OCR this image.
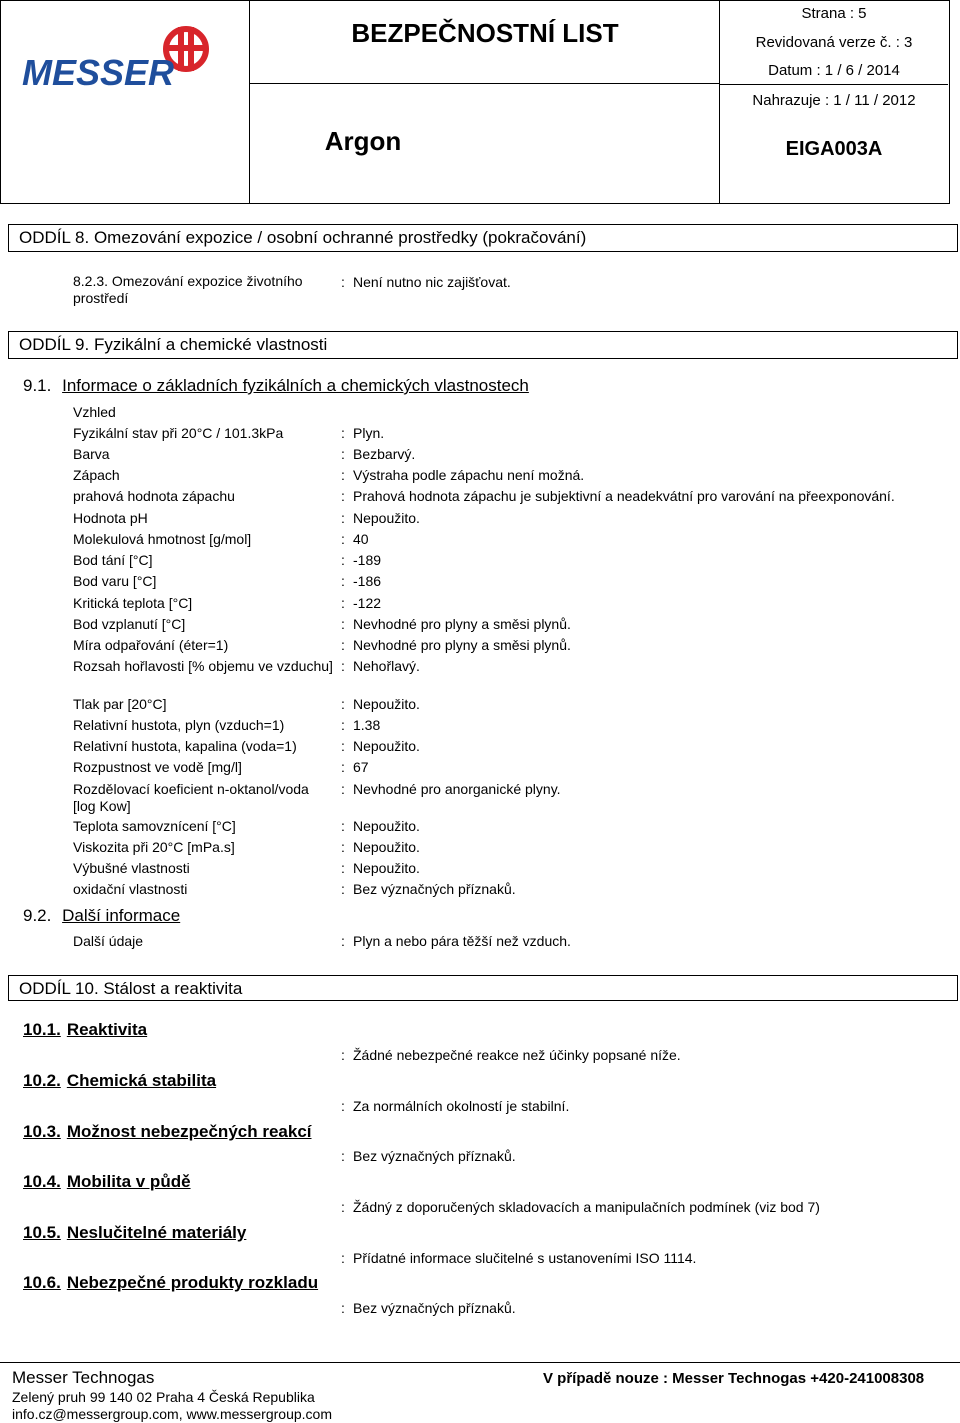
MESSER
BEZPEČNOSTNÍ LIST
Argon
Strana : 5
Revidovaná verze č. : 3
Datum : 1 / 6 / 2014
Nahrazuje : 1 / 11 / 2012
EIGA003A
ODDÍL 8. Omezování expozice / osobní ochranné prostředky (pokračování)
8.2.3. Omezování expozice životního
prostředí
: Není nutno nic zajišťovat.
ODDÍL 9. Fyzikální a chemické vlastnosti
9.1. Informace o základních fyzikálních a chemických vlastnostech
Vzhled
Fyzikální stav při 20°C / 101.3kPa	: Plyn.
Barva	: Bezbarvý.
Zápach	: Výstraha podle zápachu není možná.
prahová hodnota zápachu	: Prahová hodnota zápachu je subjektivní a neadekvátní pro varování na přeexponování.
Hodnota pH	: Nepoužito.
Molekulová hmotnost [g/mol]	: 40
Bod tání [°C]	: -189
Bod varu [°C]	: -186
Kritická teplota [°C]	: -122
Bod vzplanutí [°C]	: Nevhodné pro plyny a směsi plynů.
Míra odpařování (éter=1)	: Nevhodné pro plyny a směsi plynů.
Rozsah hořlavosti [% objemu ve vzduchu] : Nehořlavý.
Tlak par [20°C]	: Nepoužito.
Relativní hustota, plyn (vzduch=1)	: 1.38
Relativní hustota, kapalina (voda=1)	: Nepoužito.
Rozpustnost ve vodě [mg/l]	: 67
Rozdělovací koeficient n-oktanol/voda [log Kow]
: Nevhodné pro anorganické plyny.
Teplota samovznícení [°C]	: Nepoužito.
Viskozita při 20°C [mPa.s]	: Nepoužito.
Výbušné vlastnosti	: Nepoužito.
oxidační vlastnosti	: Bez význačných příznaků.
9.2. Další informace
Další údaje	: Plyn a nebo pára těžší než vzduch.
ODDÍL 10. Stálost a reaktivita
10.1. Reaktivita
: Žádné nebezpečné reakce než účinky popsané níže.
10.2. Chemická stabilita
: Za normálních okolností je stabilní.
10.3. Možnost nebezpečných reakcí
: Bez význačných příznaků.
10.4. Mobilita v půdě
: Žádný z doporučených skladovacích a manipulačních podmínek (viz bod 7)
10.5. Neslučitelné materiály
: Přídatné informace slučitelné s ustanoveními ISO 1114.
10.6. Nebezpečné produkty rozkladu
: Bez význačných příznaků.
Messer Technogas
Zelený pruh 99 140 02 Praha 4 Česká Republika
info.cz@messergroup.com, www.messergroup.com
V případě nouze : Messer Technogas +420-241008308
